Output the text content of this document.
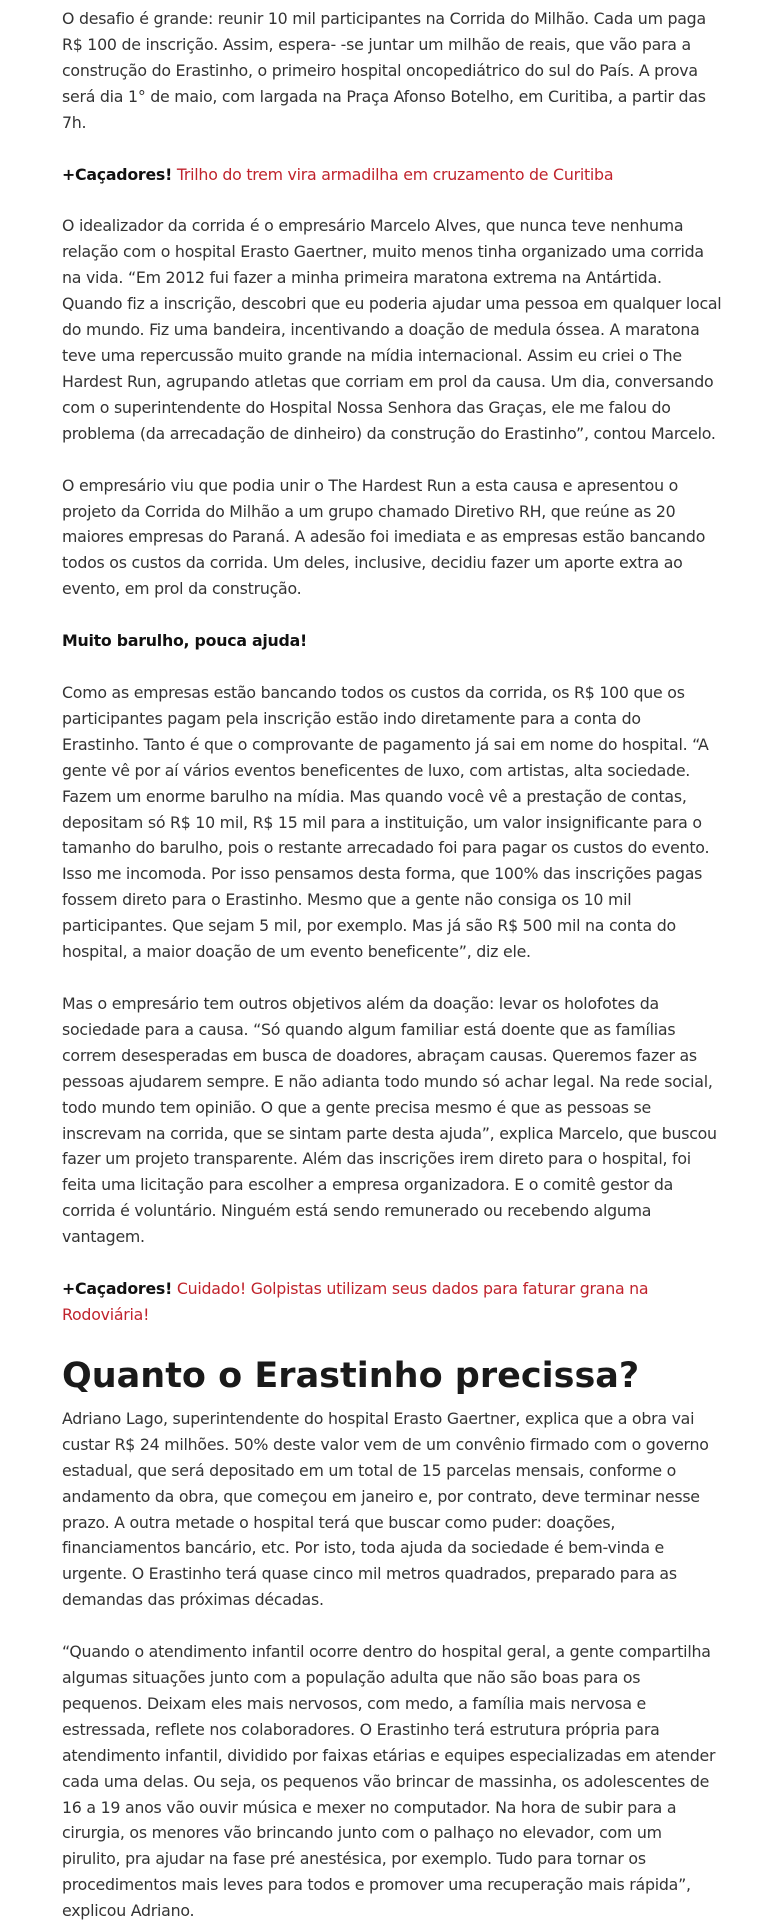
O desafio é grande: reunir 10 mil participantes na Corrida do Milhão. Cada um paga R$ 100 de inscrição. Assim, espera- -se juntar um milhão de reais, que vão para a construção do Erastinho, o primeiro hospital oncopediátrico do sul do País. A prova será dia 1° de maio, com largada na Praça Afonso Botelho, em Curitiba, a partir das 7h.

+Caçadores! Trilho do trem vira armadilha em cruzamento de Curitiba

O idealizador da corrida é o empresário Marcelo Alves, que nunca teve nenhuma relação com o hospital Erasto Gaertner, muito menos tinha organizado uma corrida na vida. “Em 2012 fui fazer a minha primeira maratona extrema na Antártida. Quando fiz a inscrição, descobri que eu poderia ajudar uma pessoa em qualquer local do mundo. Fiz uma bandeira, incentivando a doação de medula óssea. A maratona teve uma repercussão muito grande na mídia internacional. Assim eu criei o The Hardest Run, agrupando atletas que corriam em prol da causa. Um dia, conversando com o superintendente do Hospital Nossa Senhora das Graças, ele me falou do problema (da arrecadação de dinheiro) da construção do Erastinho”, contou Marcelo.

O empresário viu que podia unir o The Hardest Run a esta causa e apresentou o projeto da Corrida do Milhão a um grupo chamado Diretivo RH, que reúne as 20 maiores empresas do Paraná. A adesão foi imediata e as empresas estão bancando todos os custos da corrida. Um deles, inclusive, decidiu fazer um aporte extra ao evento, em prol da construção.

Muito barulho, pouca ajuda!

Como as empresas estão bancando todos os custos da corrida, os R$ 100 que os participantes pagam pela inscrição estão indo diretamente para a conta do Erastinho. Tanto é que o comprovante de pagamento já sai em nome do hospital. “A gente vê por aí vários eventos beneficentes de luxo, com artistas, alta sociedade. Fazem um enorme barulho na mídia. Mas quando você vê a prestação de contas, depositam só R$ 10 mil, R$ 15 mil para a instituição, um valor insignificante para o tamanho do barulho, pois o restante arrecadado foi para pagar os custos do evento. Isso me incomoda. Por isso pensamos desta forma, que 100% das inscrições pagas fossem direto para o Erastinho. Mesmo que a gente não consiga os 10 mil participantes. Que sejam 5 mil, por exemplo. Mas já são R$ 500 mil na conta do hospital, a maior doação de um evento beneficente”, diz ele.

Mas o empresário tem outros objetivos além da doação: levar os holofotes da sociedade para a causa. “Só quando algum familiar está doente que as famílias correm desesperadas em busca de doadores, abraçam causas. Queremos fazer as pessoas ajudarem sempre. E não adianta todo mundo só achar legal. Na rede social, todo mundo tem opinião. O que a gente precisa mesmo é que as pessoas se inscrevam na corrida, que se sintam parte desta ajuda”, explica Marcelo, que buscou fazer um projeto transparente. Além das inscrições irem direto para o hospital, foi feita uma licitação para escolher a empresa organizadora. E o comitê gestor da corrida é voluntário. Ninguém está sendo remunerado ou recebendo alguma vantagem.

+Caçadores! Cuidado! Golpistas utilizam seus dados para faturar grana na Rodoviária!

Quanto o Erastinho precissa?

Adriano Lago, superintendente do hospital Erasto Gaertner, explica que a obra vai custar R$ 24 milhões. 50% deste valor vem de um convênio firmado com o governo estadual, que será depositado em um total de 15 parcelas mensais, conforme o andamento da obra, que começou em janeiro e, por contrato, deve terminar nesse prazo. A outra metade o hospital terá que buscar como puder: doações, financiamentos bancário, etc. Por isto, toda ajuda da sociedade é bem-vinda e urgente. O Erastinho terá quase cinco mil metros quadrados, preparado para as demandas das próximas décadas.

“Quando o atendimento infantil ocorre dentro do hospital geral, a gente compartilha algumas situações junto com a população adulta que não são boas para os pequenos. Deixam eles mais nervosos, com medo, a família mais nervosa e estressada, reflete nos colaboradores. O Erastinho terá estrutura própria para atendimento infantil, dividido por faixas etárias e equipes especializadas em atender cada uma delas. Ou seja, os pequenos vão brincar de massinha, os adolescentes de 16 a 19 anos vão ouvir música e mexer no computador. Na hora de subir para a cirurgia, os menores vão brincando junto com o palhaço no elevador, com um pirulito, pra ajudar na fase pré anestésica, por exemplo. Tudo para tornar os procedimentos mais leves para todos e promover uma recuperação mais rápida”, explicou Adriano.
